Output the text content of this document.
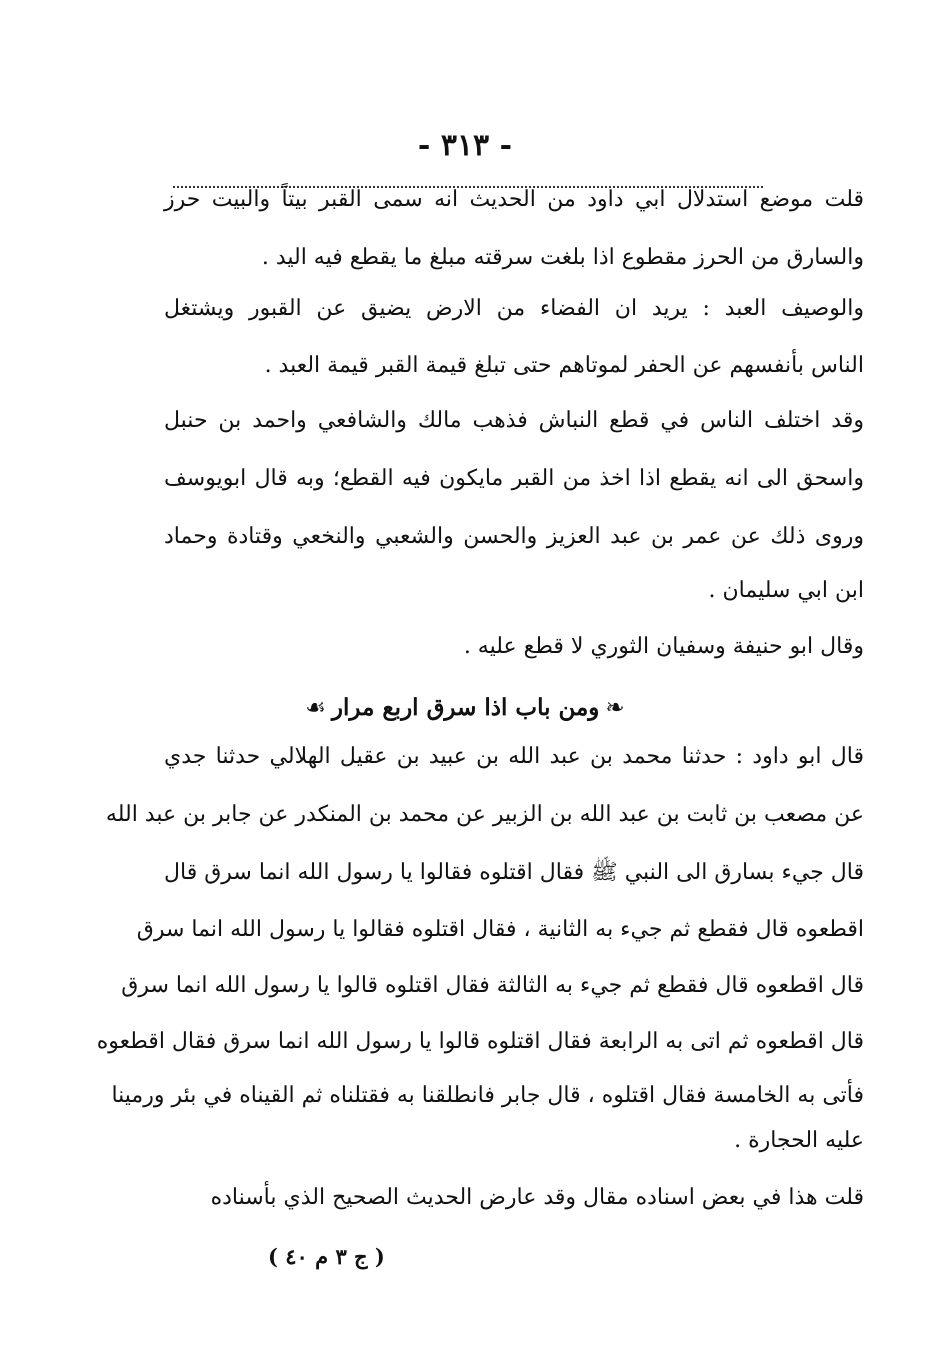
- ٣١٣ -
قلت موضع استدلال ابي داود من الحديث انه سمى القبر بيتاً والبيت حرز
والسارق من الحرز مقطوع اذا بلغت سرقته مبلغ ما يقطع فيه اليد .
والوصيف العبد : يريد ان الفضاء من الارض يضيق عن القبور ويشتغل
الناس بأنفسهم عن الحفر لموتاهم حتى تبلغ قيمة القبر قيمة العبد .
وقد اختلف الناس في قطع النباش فذهب مالك والشافعي واحمد بن حنبل
واسحق الى انه يقطع اذا اخذ من القبر مايكون فيه القطع؛ وبه قال ابويوسف
وروى ذلك عن عمر بن عبد العزيز والحسن والشعبي والنخعي وقتادة وحماد
ابن ابي سليمان .
وقال ابو حنيفة وسفيان الثوري لا قطع عليه .
❧ومن باب اذا سرق اربع مرار☙
قال ابو داود : حدثنا محمد بن عبد الله بن عبيد بن عقيل الهلالي حدثنا جدي
عن مصعب بن ثابت بن عبد الله بن الزبير عن محمد بن المنكدر عن جابر بن عبد الله
قال جيء بسارق الى النبي ﷺ فقال اقتلوه فقالوا يا رسول الله انما سرق قال
اقطعوه قال فقطع ثم جيء به الثانية ، فقال اقتلوه فقالوا يا رسول الله انما سرق
قال اقطعوه قال فقطع ثم جيء به الثالثة فقال اقتلوه قالوا يا رسول الله انما سرق
قال اقطعوه ثم اتى به الرابعة فقال اقتلوه قالوا يا رسول الله انما سرق فقال اقطعوه
فأتى به الخامسة فقال اقتلوه ، قال جابر فانطلقنا به فقتلناه ثم القيناه في بئر ورمينا
عليه الحجارة .
قلت هذا في بعض اسناده مقال وقد عارض الحديث الصحيح الذي بأسناده
( ج ٣ م ٤٠ )
